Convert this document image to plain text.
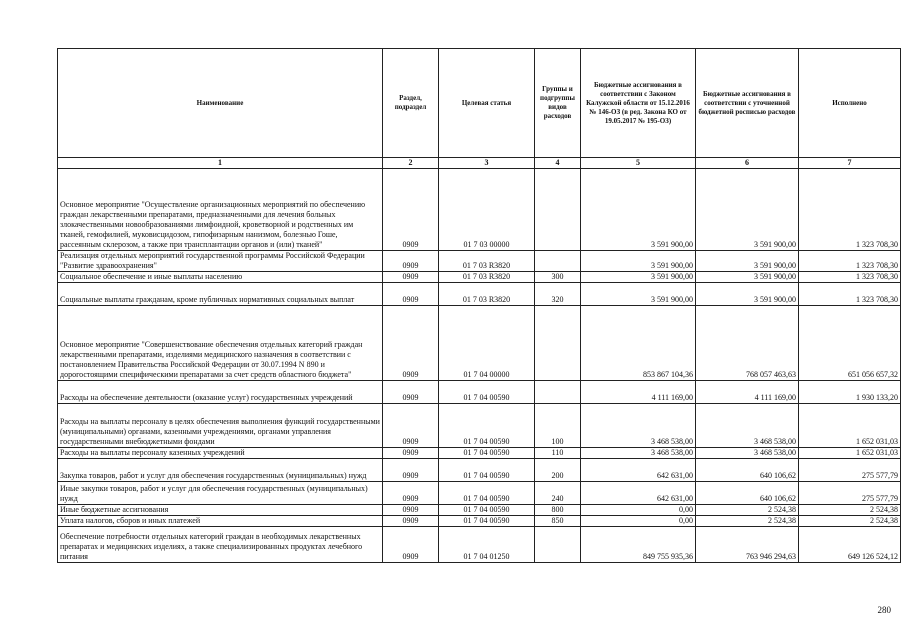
Наименование	Раздел, подраздел	Целевая статья	Группы и подгруппы видов расходов	Бюджетные ассигнования в соответствии с Законом Калужской области от 15.12.2016 № 146-ОЗ (в ред. Закона КО от 19.05.2017 № 195-ОЗ)	Бюджетные ассигнования в соответствии с уточненной бюджетной росписью расходов	Исполнено
1	2	3	4	5	6	7
Основное мероприятие "Осуществление организационных мероприятий по обеспечению граждан лекарственными препаратами, предназначенными для лечения больных злокачественными новообразованиями лимфоидной, кроветворной и родственных им тканей, гемофилией, муковисцидозом, гипофизарным нанизмом, болезнью Гоше, рассеянным склерозом, а также при трансплантации органов и (или) тканей"	0909	01 7 03 00000		3 591 900,00	3 591 900,00	1 323 708,30
Реализация отдельных мероприятий государственной программы Российской Федерации "Развитие здравоохранения"	0909	01 7 03 R3820		3 591 900,00	3 591 900,00	1 323 708,30
Социальное обеспечение и иные выплаты населению	0909	01 7 03 R3820	300	3 591 900,00	3 591 900,00	1 323 708,30
Социальные выплаты гражданам, кроме публичных нормативных социальных выплат	0909	01 7 03 R3820	320	3 591 900,00	3 591 900,00	1 323 708,30
Основное мероприятие "Совершенствование обеспечения отдельных категорий граждан лекарственными препаратами, изделиями медицинского назначения в соответствии с постановлением Правительства Российской Федерации от 30.07.1994 N 890 и дорогостоящими специфическими препаратами за счет средств областного бюджета"	0909	01 7 04 00000		853 867 104,36	768 057 463,63	651 056 657,32
Расходы на обеспечение деятельности (оказание услуг) государственных учреждений	0909	01 7 04 00590		4 111 169,00	4 111 169,00	1 930 133,20
Расходы на выплаты персоналу в целях обеспечения выполнения функций государственными (муниципальными) органами, казенными учреждениями, органами управления государственными внебюджетными фондами	0909	01 7 04 00590	100	3 468 538,00	3 468 538,00	1 652 031,03
Расходы на выплаты персоналу казенных учреждений	0909	01 7 04 00590	110	3 468 538,00	3 468 538,00	1 652 031,03
Закупка товаров, работ и услуг для обеспечения государственных (муниципальных) нужд	0909	01 7 04 00590	200	642 631,00	640 106,62	275 577,79
Иные закупки товаров, работ и услуг для обеспечения государственных (муниципальных) нужд	0909	01 7 04 00590	240	642 631,00	640 106,62	275 577,79
Иные бюджетные ассигнования	0909	01 7 04 00590	800	0,00	2 524,38	2 524,38
Уплата налогов, сборов и иных платежей	0909	01 7 04 00590	850	0,00	2 524,38	2 524,38
Обеспечение потребности отдельных категорий граждан в необходимых лекарственных препаратах и медицинских изделиях, а также специализированных продуктах лечебного питания	0909	01 7 04 01250		849 755 935,36	763 946 294,63	649 126 524,12
280
